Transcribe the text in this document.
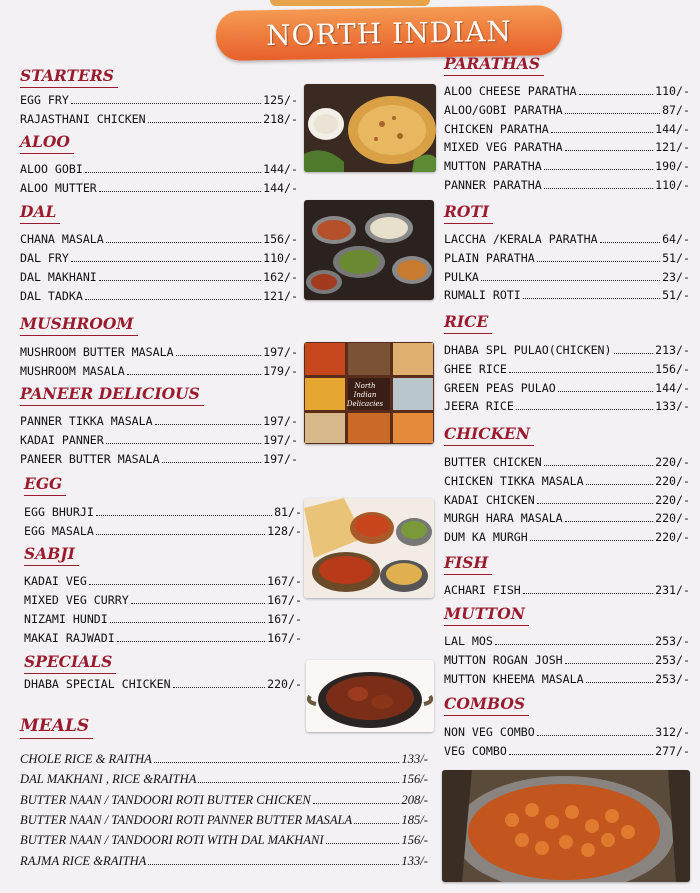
NORTH INDIAN
STARTERS
EGG FRY	125/-
RAJASTHANI CHICKEN	218/-
ALOO
ALOO GOBI	144/-
ALOO MUTTER	144/-
DAL
CHANA MASALA	156/-
DAL FRY	110/-
DAL MAKHANI	162/-
DAL TADKA	121/-
MUSHROOM
MUSHROOM BUTTER MASALA	197/-
MUSHROOM MASALA	179/-
PANEER DELICIOUS
PANNER TIKKA MASALA	197/-
KADAI PANNER	197/-
PANEER BUTTER MASALA	197/-
EGG
EGG BHURJI	81/-
EGG MASALA	128/-
SABJI
KADAI VEG	167/-
MIXED VEG CURRY	167/-
NIZAMI HUNDI	167/-
MAKAI RAJWADI	167/-
SPECIALS
DHABA SPECIAL CHICKEN	220/-
PARATHAS
ALOO CHEESE PARATHA	110/-
ALOO/GOBI PARATHA	87/-
CHICKEN PARATHA	144/-
MIXED VEG PARATHA	121/-
MUTTON PARATHA	190/-
PANNER PARATHA	110/-
ROTI
LACCHA /KERALA PARATHA	64/-
PLAIN PARATHA	51/-
PULKA	23/-
RUMALI ROTI	51/-
RICE
DHABA SPL PULAO(CHICKEN)	213/-
GHEE RICE	156/-
GREEN PEAS PULAO	144/-
JEERA RICE	133/-
CHICKEN
BUTTER CHICKEN	220/-
CHICKEN TIKKA MASALA	220/-
KADAI CHICKEN	220/-
MURGH HARA MASALA	220/-
DUM KA MURGH	220/-
FISH
ACHARI FISH	231/-
MUTTON
LAL MOS	253/-
MUTTON ROGAN JOSH	253/-
MUTTON KHEEMA MASALA	253/-
COMBOS
NON VEG COMBO	312/-
VEG COMBO	277/-
MEALS
CHOLE RICE & RAITHA	133/-
DAL MAKHANI , RICE &RAITHA	156/-
BUTTER NAAN / TANDOORI ROTI BUTTER CHICKEN	208/-
BUTTER NAAN / TANDOORI ROTI PANNER BUTTER MASALA	185/-
BUTTER NAAN / TANDOORI ROTI WITH DAL MAKHANI	156/-
RAJMA RICE &RAITHA	133/-
North Indian Delicacies
